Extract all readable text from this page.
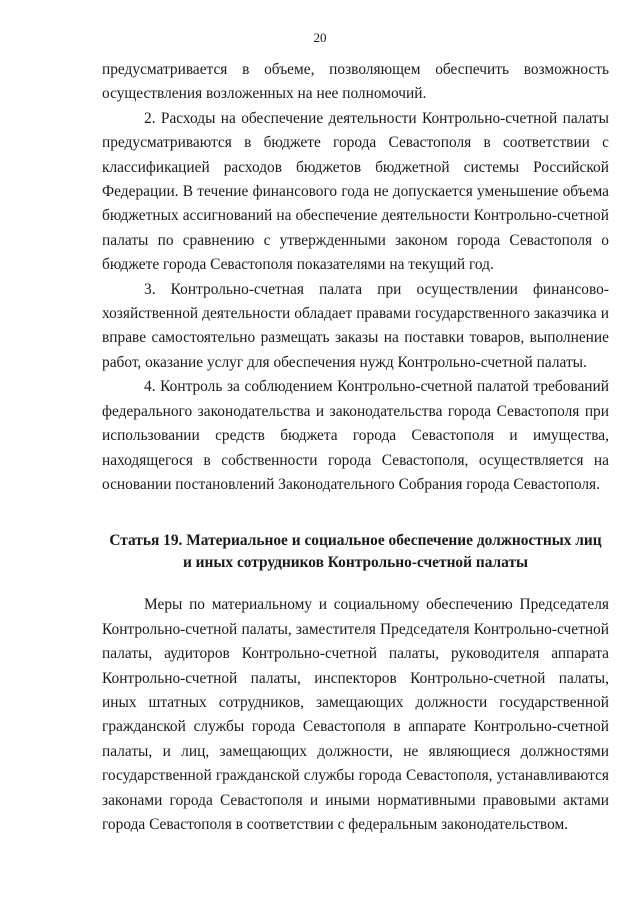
20

предусматривается в объеме, позволяющем обеспечить возможность осуществления возложенных на нее полномочий.

2. Расходы на обеспечение деятельности Контрольно-счетной палаты предусматриваются в бюджете города Севастополя в соответствии с классификацией расходов бюджетов бюджетной системы Российской Федерации. В течение финансового года не допускается уменьшение объема бюджетных ассигнований на обеспечение деятельности Контрольно-счетной палаты по сравнению с утвержденными законом города Севастополя о бюджете города Севастополя показателями на текущий год.

3. Контрольно-счетная палата при осуществлении финансово-хозяйственной деятельности обладает правами государственного заказчика и вправе самостоятельно размещать заказы на поставки товаров, выполнение работ, оказание услуг для обеспечения нужд Контрольно-счетной палаты.

4. Контроль за соблюдением Контрольно-счетной палатой требований федерального законодательства и законодательства города Севастополя при использовании средств бюджета города Севастополя и имущества, находящегося в собственности города Севастополя, осуществляется на основании постановлений Законодательного Собрания города Севастополя.

Статья 19. Материальное и социальное обеспечение должностных лиц
и иных сотрудников Контрольно-счетной палаты

Меры по материальному и социальному обеспечению Председателя Контрольно-счетной палаты, заместителя Председателя Контрольно-счетной палаты, аудиторов Контрольно-счетной палаты, руководителя аппарата Контрольно-счетной палаты, инспекторов Контрольно-счетной палаты, иных штатных сотрудников, замещающих должности государственной гражданской службы города Севастополя в аппарате Контрольно-счетной палаты, и лиц, замещающих должности, не являющиеся должностями государственной гражданской службы города Севастополя, устанавливаются законами города Севастополя и иными нормативными правовыми актами города Севастополя в соответствии с федеральным законодательством.
